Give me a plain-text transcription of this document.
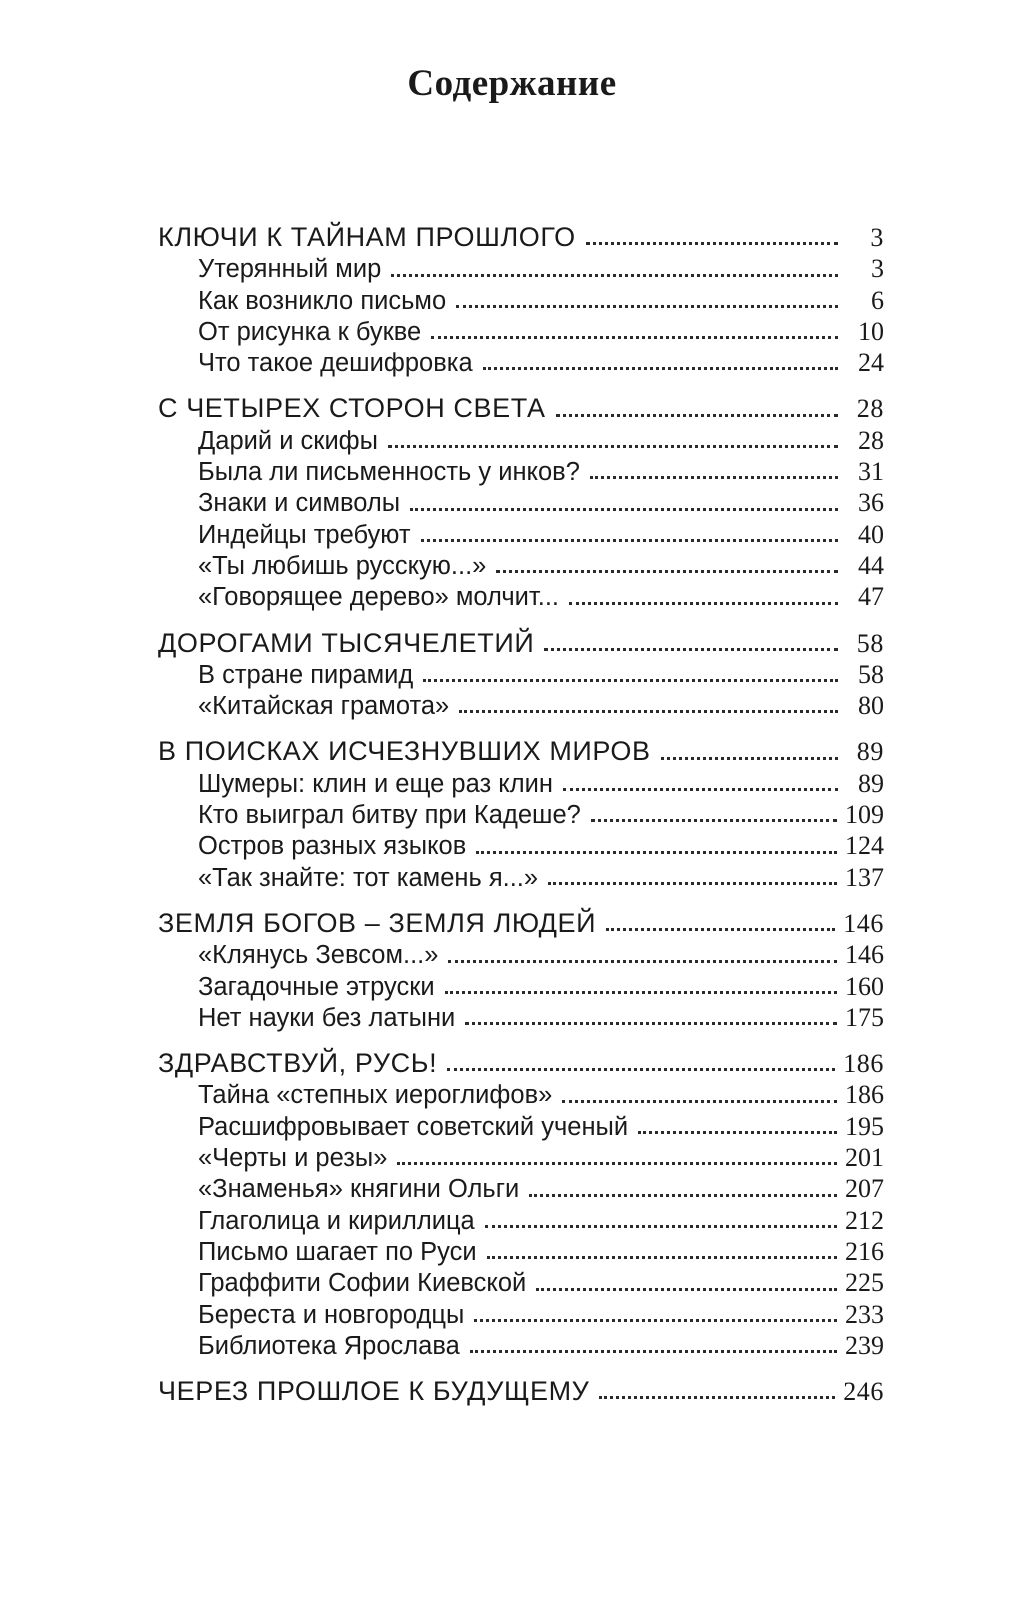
Содержание
КЛЮЧИ К ТАЙНАМ ПРОШЛОГО	3
Утерянный мир	3
Как возникло письмо	6
От рисунка к букве	10
Что такое дешифровка	24
С ЧЕТЫРЕХ СТОРОН СВЕТА	28
Дарий и скифы	28
Была ли письменность у инков?	31
Знаки и символы	36
Индейцы требуют	40
«Ты любишь русскую...»	44
«Говорящее дерево» молчит...	47
ДОРОГАМИ ТЫСЯЧЕЛЕТИЙ	58
В стране пирамид	58
«Китайская грамота»	80
В ПОИСКАХ ИСЧЕЗНУВШИХ МИРОВ	89
Шумеры: клин и еще раз клин	89
Кто выиграл битву при Кадеше?	109
Остров разных языков	124
«Так знайте: тот камень я...»	137
ЗЕМЛЯ БОГОВ – ЗЕМЛЯ ЛЮДЕЙ	146
«Клянусь Зевсом...»	146
Загадочные этруски	160
Нет науки без латыни	175
ЗДРАВСТВУЙ, РУСЬ!	186
Тайна «степных иероглифов»	186
Расшифровывает советский ученый	195
«Черты и резы»	201
«Знаменья» княгини Ольги	207
Глаголица и кириллица	212
Письмо шагает по Руси	216
Граффити Софии Киевской	225
Береста и новгородцы	233
Библиотека Ярослава	239
ЧЕРЕЗ ПРОШЛОЕ К БУДУЩЕМУ	246
